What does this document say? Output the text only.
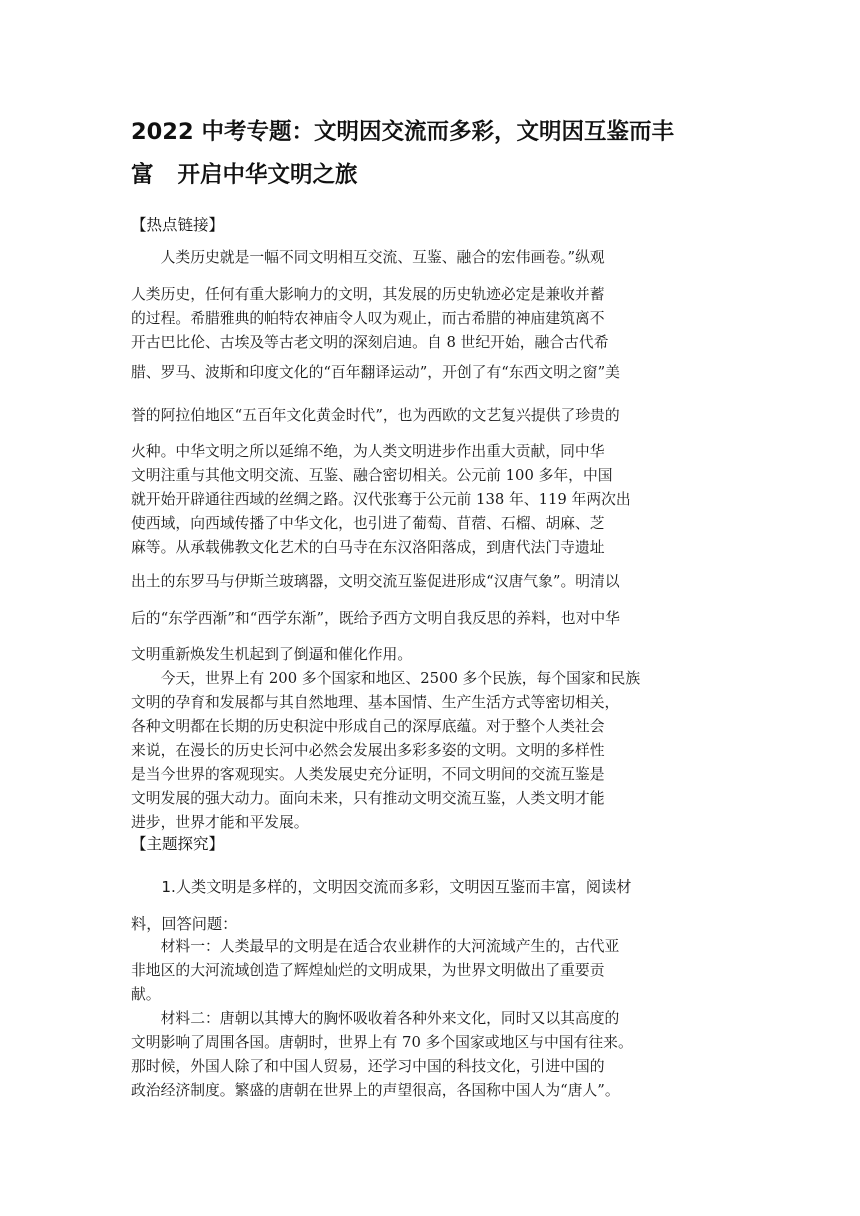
2022 中考专题：文明因交流而多彩，文明因互鉴而丰
富 开启中华文明之旅
【热点链接】
　　人类历史就是一幅不同文明相互交流、互鉴、融合的宏伟画卷。”纵观
人类历史，任何有重大影响力的文明，其发展的历史轨迹必定是兼收并蓄
的过程。希腊雅典的帕特农神庙令人叹为观止，而古希腊的神庙建筑离不
开古巴比伦、古埃及等古老文明的深刻启迪。自 8 世纪开始，融合古代希
腊、罗马、波斯和印度文化的“百年翻译运动”，开创了有“东西文明之窗”美
誉的阿拉伯地区“五百年文化黄金时代”，也为西欧的文艺复兴提供了珍贵的
火种。中华文明之所以延绵不绝，为人类文明进步作出重大贡献，同中华
文明注重与其他文明交流、互鉴、融合密切相关。公元前 100 多年，中国
就开始开辟通往西域的丝绸之路。汉代张骞于公元前 138 年、119 年两次出
使西域，向西域传播了中华文化，也引进了葡萄、苜蓿、石榴、胡麻、芝
麻等。从承载佛教文化艺术的白马寺在东汉洛阳落成，到唐代法门寺遗址
出土的东罗马与伊斯兰玻璃器，文明交流互鉴促进形成“汉唐气象”。明清以
后的“东学西渐”和“西学东渐”，既给予西方文明自我反思的养料，也对中华
文明重新焕发生机起到了倒逼和催化作用。
　　今天，世界上有 200 多个国家和地区、2500 多个民族，每个国家和民族
文明的孕育和发展都与其自然地理、基本国情、生产生活方式等密切相关，
各种文明都在长期的历史积淀中形成自己的深厚底蕴。对于整个人类社会
来说，在漫长的历史长河中必然会发展出多彩多姿的文明。文明的多样性
是当今世界的客观现实。人类发展史充分证明，不同文明间的交流互鉴是
文明发展的强大动力。面向未来，只有推动文明交流互鉴，人类文明才能
进步，世界才能和平发展。
【主题探究】
　　1.人类文明是多样的，文明因交流而多彩，文明因互鉴而丰富，阅读材
料，回答问题：
　　材料一：人类最早的文明是在适合农业耕作的大河流域产生的，古代亚
非地区的大河流域创造了辉煌灿烂的文明成果，为世界文明做出了重要贡
献。
　　材料二：唐朝以其博大的胸怀吸收着各种外来文化，同时又以其高度的
文明影响了周围各国。唐朝时，世界上有 70 多个国家或地区与中国有往来。
那时候，外国人除了和中国人贸易，还学习中国的科技文化，引进中国的
政治经济制度。繁盛的唐朝在世界上的声望很高，各国称中国人为“唐人”。
